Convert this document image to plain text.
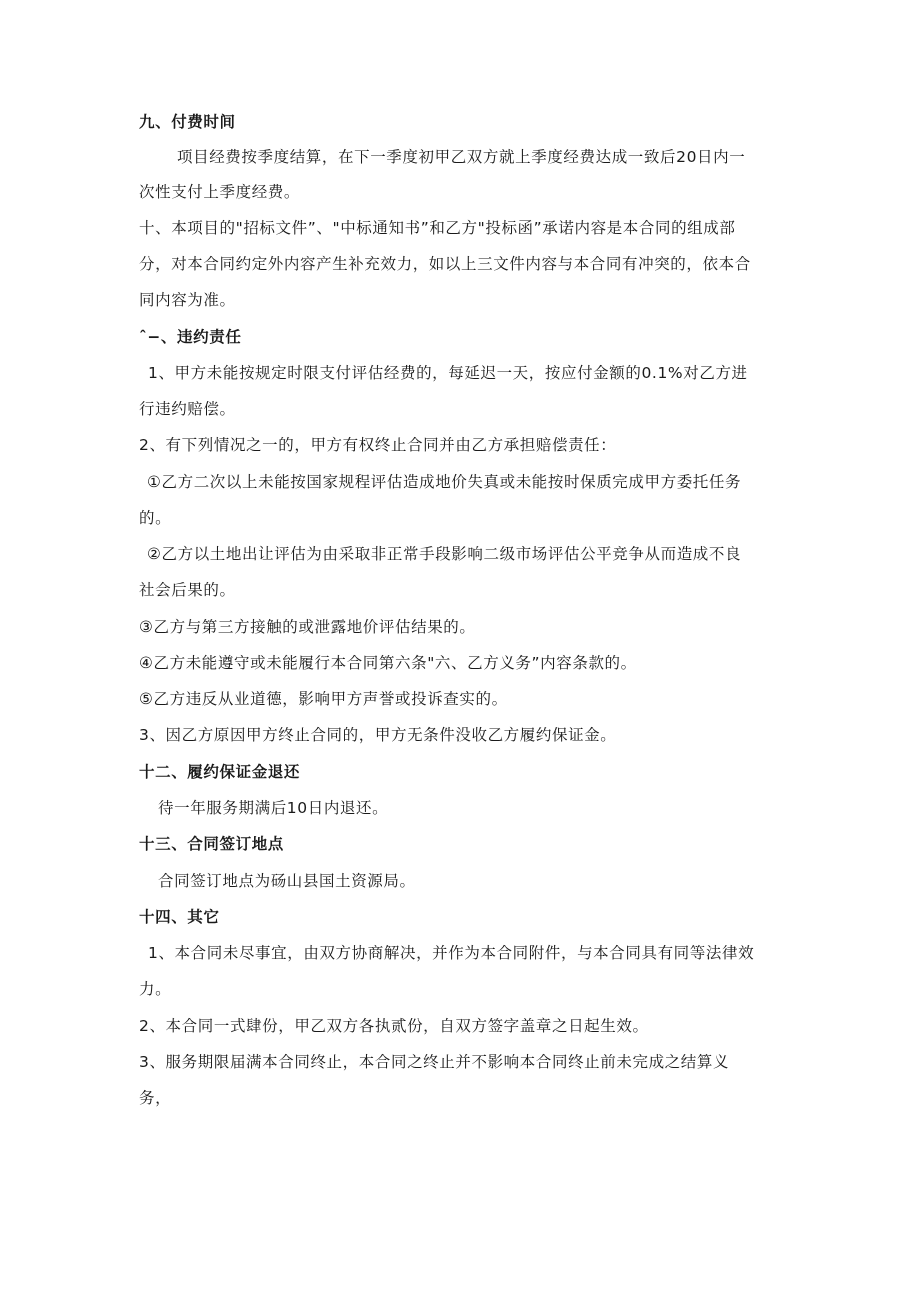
九、付费时间
项目经费按季度结算，在下一季度初甲乙双方就上季度经费达成一致后20日内一
次性支付上季度经费。
十、本项目的"招标文件”、"中标通知书”和乙方"投标函”承诺内容是本合同的组成部
分，对本合同约定外内容产生补充效力，如以上三文件内容与本合同有冲突的，依本合
同内容为准。
ˆ−、违约责任
1、甲方未能按规定时限支付评估经费的，每延迟一天，按应付金额的0.1%对乙方进
行违约赔偿。
2、有下列情况之一的，甲方有权终止合同并由乙方承担赔偿责任：
①乙方二次以上未能按国家规程评估造成地价失真或未能按时保质完成甲方委托任务
的。
②乙方以土地出让评估为由采取非正常手段影响二级市场评估公平竞争从而造成不良
社会后果的。
③乙方与第三方接触的或泄露地价评估结果的。
④乙方未能遵守或未能履行本合同第六条"六、乙方义务”内容条款的。
⑤乙方违反从业道德，影响甲方声誉或投诉查实的。
3、因乙方原因甲方终止合同的，甲方无条件没收乙方履约保证金。
十二、履约保证金退还
待一年服务期满后10日内退还。
十三、合同签订地点
合同签订地点为砀山县国土资源局。
十四、其它
1、本合同未尽事宜，由双方协商解决，并作为本合同附件，与本合同具有同等法律效
力。
2、本合同一式肆份，甲乙双方各执贰份，自双方签字盖章之日起生效。
3、服务期限届满本合同终止，本合同之终止并不影响本合同终止前未完成之结算义
务，
